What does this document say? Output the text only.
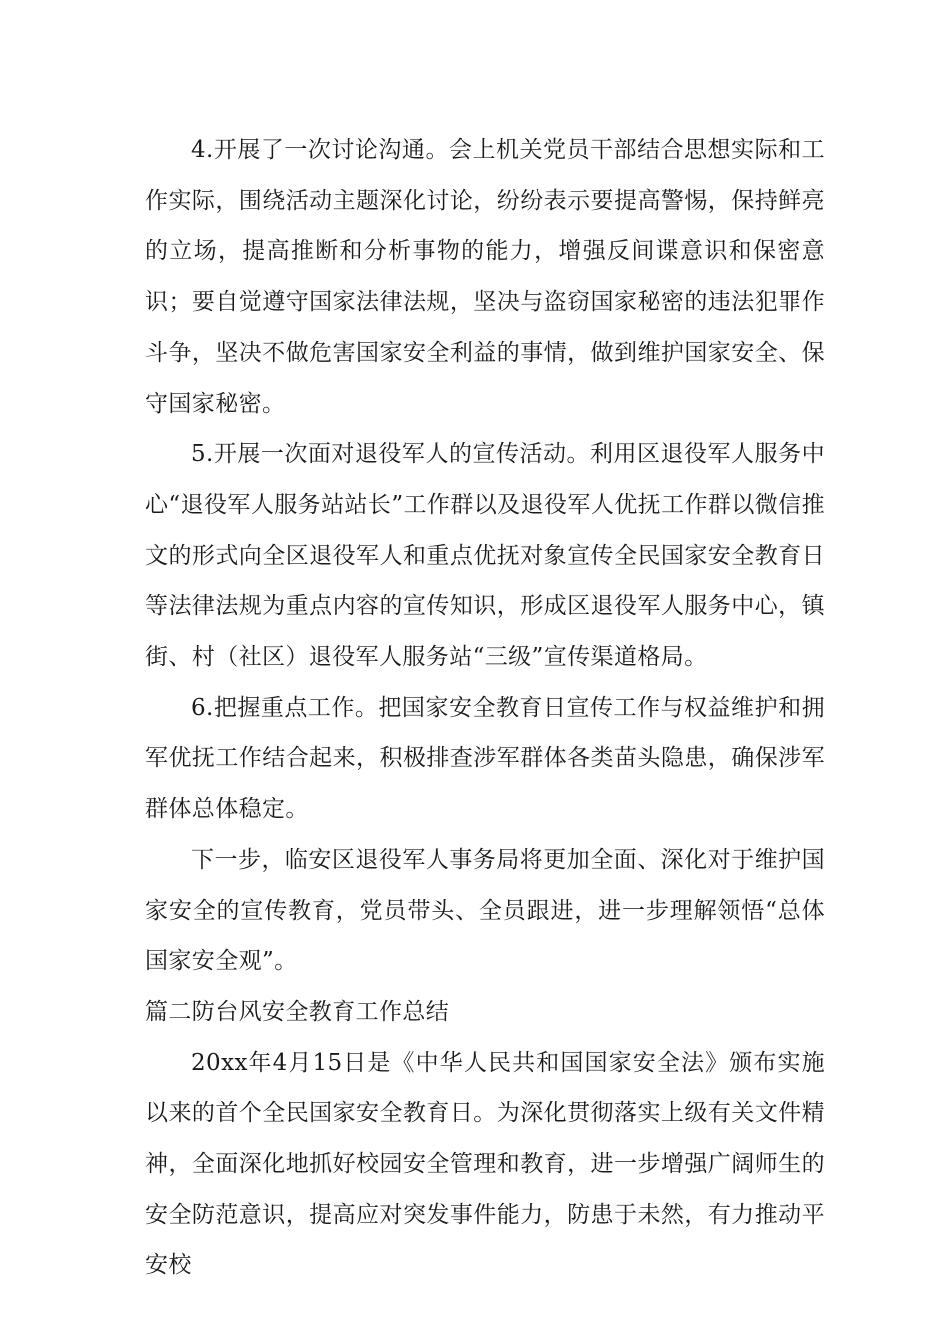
4.开展了一次讨论沟通。会上机关党员干部结合思想实际和工作实际，围绕活动主题深化讨论，纷纷表示要提高警惕，保持鲜亮的立场，提高推断和分析事物的能力，增强反间谍意识和保密意识；要自觉遵守国家法律法规，坚决与盗窃国家秘密的违法犯罪作斗争，坚决不做危害国家安全利益的事情，做到维护国家安全、保守国家秘密。

5.开展一次面对退役军人的宣传活动。利用区退役军人服务中心“退役军人服务站站长”工作群以及退役军人优抚工作群以微信推文的形式向全区退役军人和重点优抚对象宣传全民国家安全教育日等法律法规为重点内容的宣传知识，形成区退役军人服务中心，镇街、村（社区）退役军人服务站“三级”宣传渠道格局。

6.把握重点工作。把国家安全教育日宣传工作与权益维护和拥军优抚工作结合起来，积极排查涉军群体各类苗头隐患，确保涉军群体总体稳定。

下一步，临安区退役军人事务局将更加全面、深化对于维护国家安全的宣传教育，党员带头、全员跟进，进一步理解领悟“总体国家安全观”。

篇二防台风安全教育工作总结

20xx年4月15日是《中华人民共和国国家安全法》颁布实施以来的首个全民国家安全教育日。为深化贯彻落实上级有关文件精神，全面深化地抓好校园安全管理和教育，进一步增强广阔师生的安全防范意识，提高应对突发事件能力，防患于未然，有力推动平安校
